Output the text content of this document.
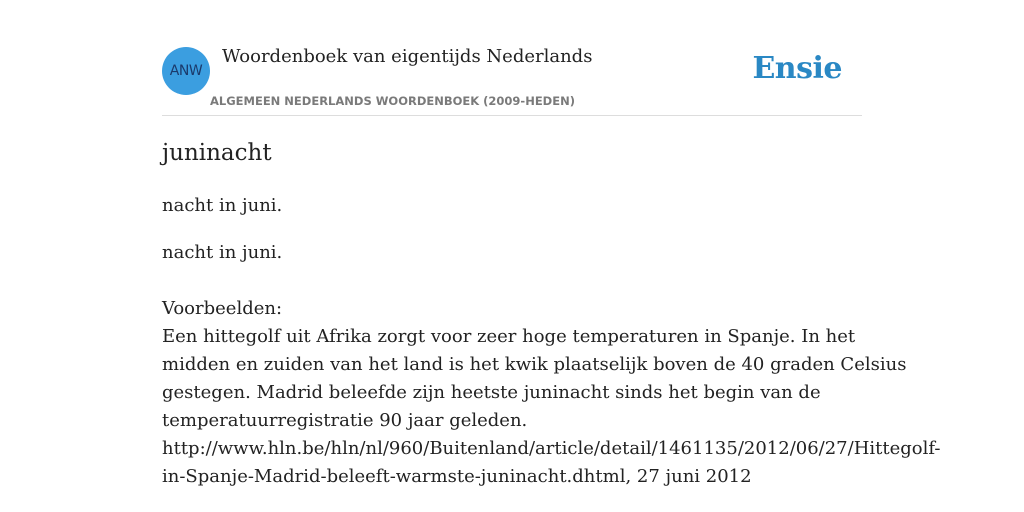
ANW
Woordenboek van eigentijds Nederlands
ALGEMEEN NEDERLANDS WOORDENBOEK (2009-HEDEN)
Ensie
juninacht
nacht in juni.
nacht in juni.
Voorbeelden:
Een hittegolf uit Afrika zorgt voor zeer hoge temperaturen in Spanje. In het
midden en zuiden van het land is het kwik plaatselijk boven de 40 graden Celsius
gestegen. Madrid beleefde zijn heetste juninacht sinds het begin van de
temperatuurregistratie 90 jaar geleden.
http://www.hln.be/hln/nl/960/Buitenland/article/detail/1461135/2012/06/27/Hittegolf-
in-Spanje-Madrid-beleeft-warmste-juninacht.dhtml, 27 juni 2012
